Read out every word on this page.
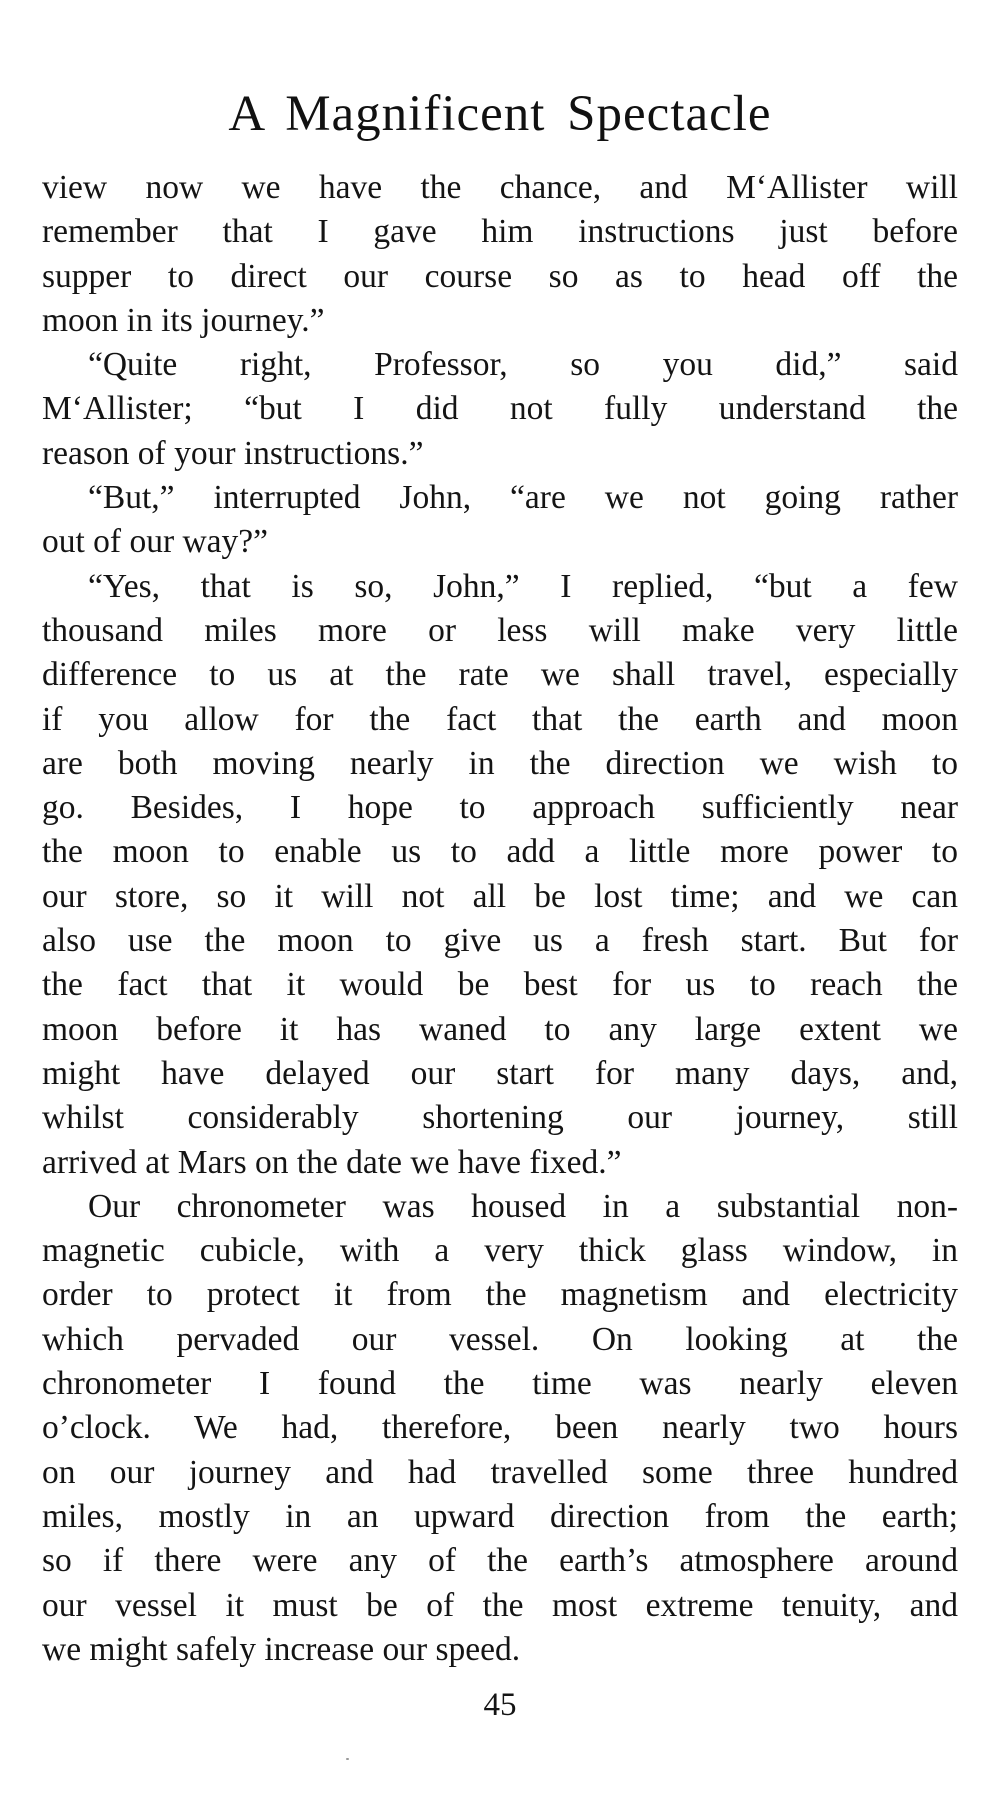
A Magnificent Spectacle
view now we have the chance, and M‘Allister will
remember that I gave him instructions just before
supper to direct our course so as to head off the
moon in its journey.”
“Quite right, Professor, so you did,” said
M‘Allister; “but I did not fully understand the
reason of your instructions.”
“But,” interrupted John, “are we not going rather
out of our way?”
“Yes, that is so, John,” I replied, “but a few
thousand miles more or less will make very little
difference to us at the rate we shall travel, especially
if you allow for the fact that the earth and moon
are both moving nearly in the direction we wish to
go. Besides, I hope to approach sufficiently near
the moon to enable us to add a little more power to
our store, so it will not all be lost time; and we can
also use the moon to give us a fresh start. But for
the fact that it would be best for us to reach the
moon before it has waned to any large extent we
might have delayed our start for many days, and,
whilst considerably shortening our journey, still
arrived at Mars on the date we have fixed.”
Our chronometer was housed in a substantial non-
magnetic cubicle, with a very thick glass window, in
order to protect it from the magnetism and electricity
which pervaded our vessel. On looking at the
chronometer I found the time was nearly eleven
o’clock. We had, therefore, been nearly two hours
on our journey and had travelled some three hundred
miles, mostly in an upward direction from the earth;
so if there were any of the earth’s atmosphere around
our vessel it must be of the most extreme tenuity, and
we might safely increase our speed.
45
